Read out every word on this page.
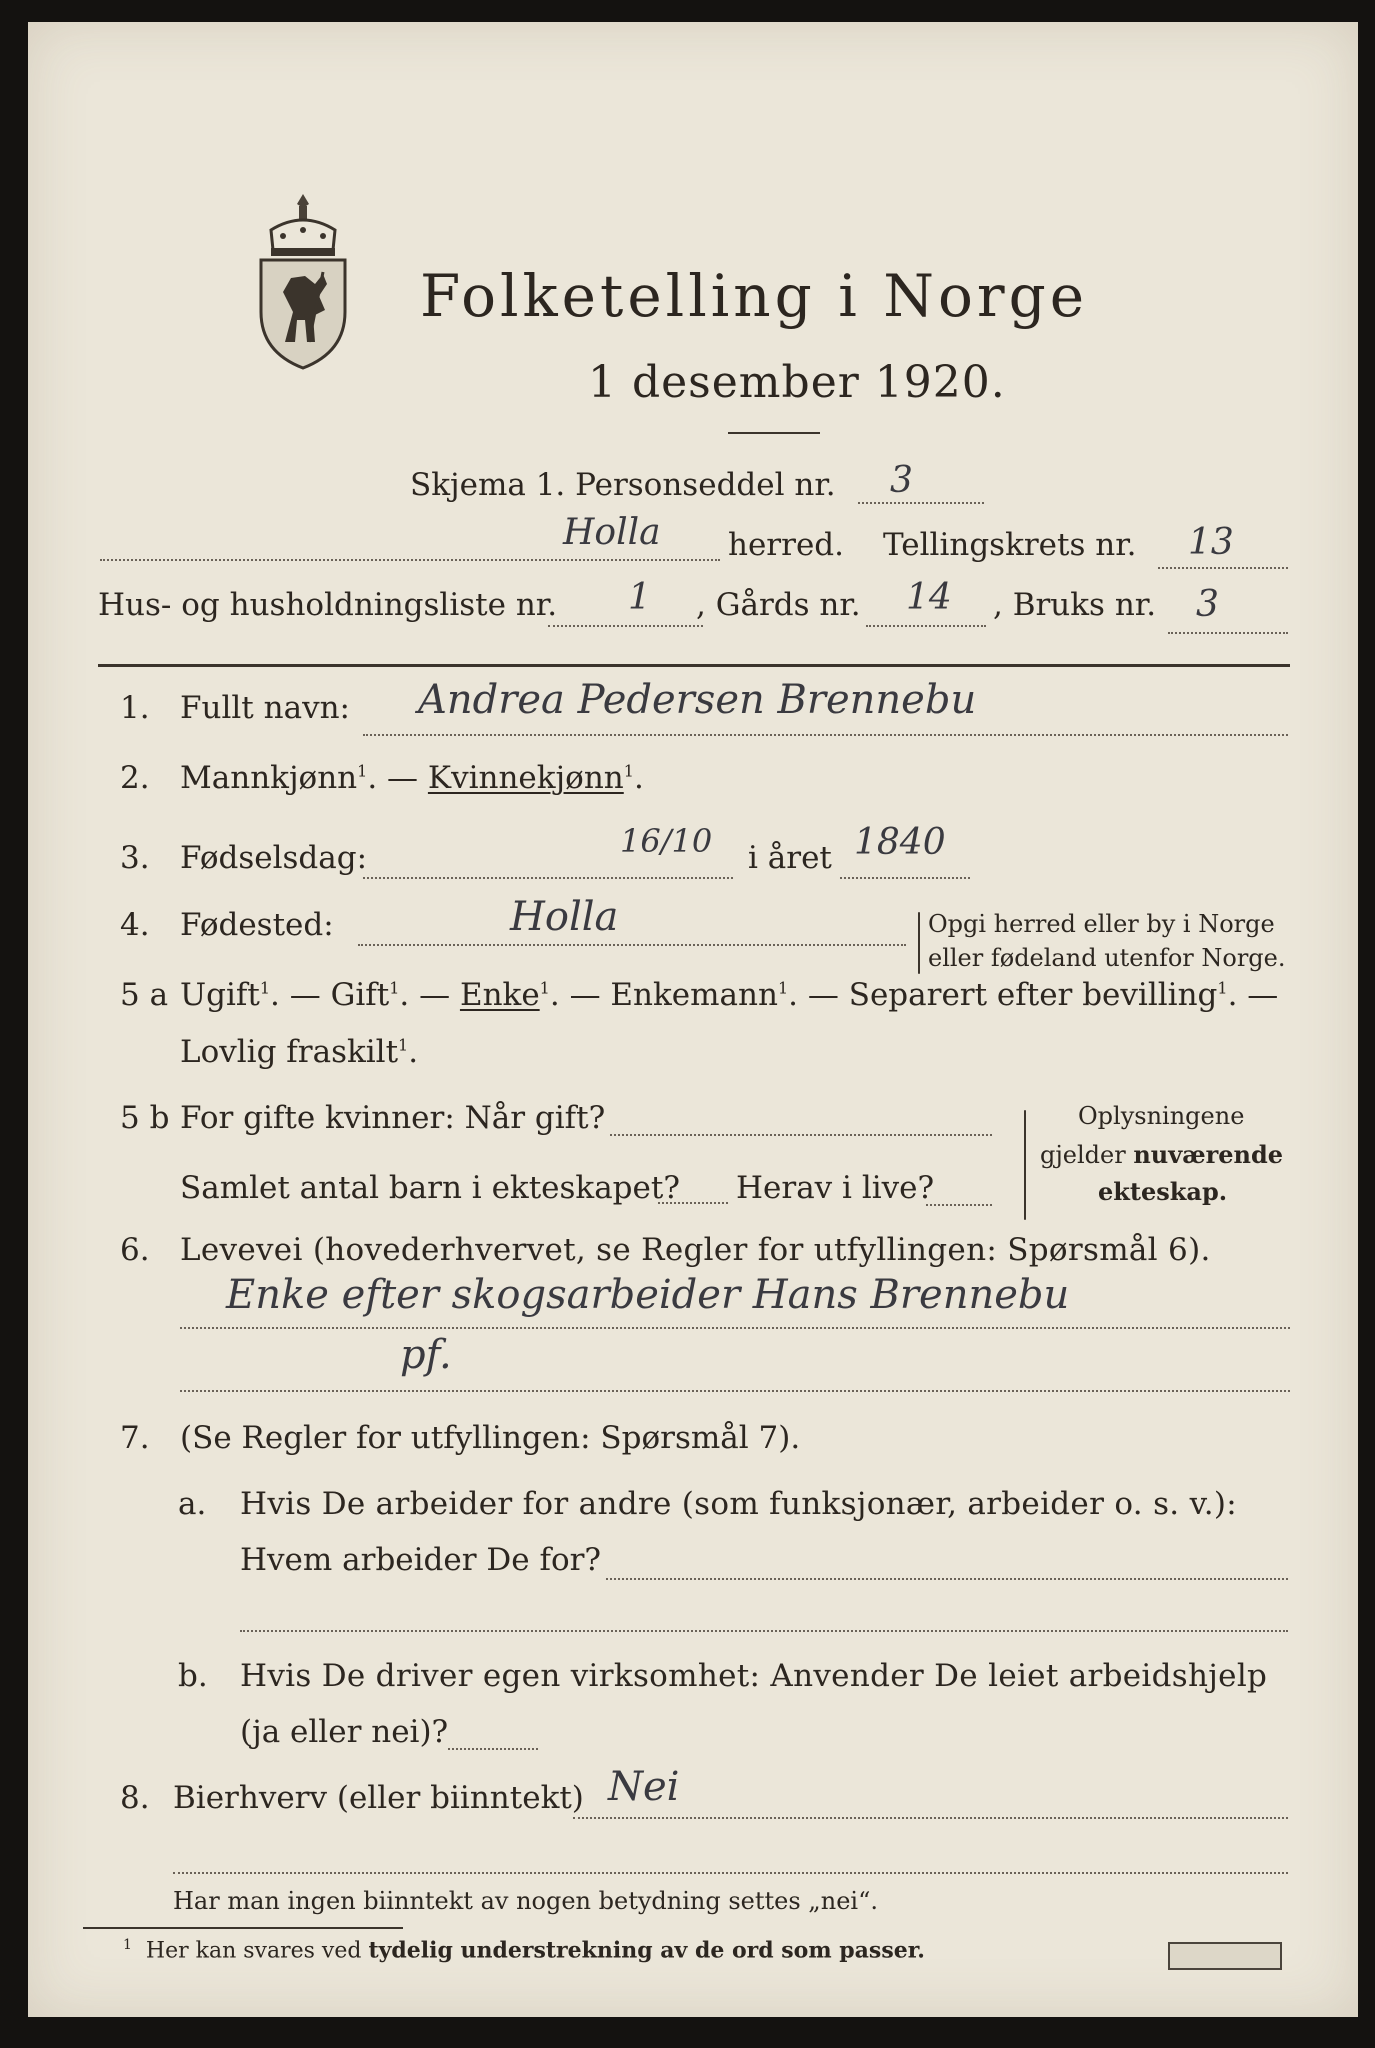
Folketelling i Norge
1 desember 1920.
Skjema 1. Personseddel nr. 3
Holla herred. Tellingskrets nr. 13
Hus- og husholdningsliste nr. 1 , Gårds nr. 14 , Bruks nr. 3
1. Fullt navn: Andrea Pedersen Brennebu
2. Mannkjønn$^1$. — Kvinnekjønn$^1$.
3. Fødselsdag:	16/10 i året 1840
4. Fødested:	Holla	Opgi herred eller by i Norge
eller fødeland utenfor Norge.
5 a Ugift$^1$. — Gift$^1$. — Enke$^1$. — Enkemann$^1$. — Separert efter bevilling$^1$. —
Lovlig fraskilt$^1$.
5 b For gifte kvinner: Når gift?
Samlet antal barn i ekteskapet? Herav i live?
Oplysningene
gjelder nuværende
ekteskap.
6. Levevei (hovederhvervet, se Regler for utfyllingen: Spørsmål 6).
Enke efter skogsarbeider Hans Brennebu
pf.
7. (Se Regler for utfyllingen: Spørsmål 7).
a. Hvis De arbeider for andre (som funksjonær, arbeider o. s. v.):
Hvem arbeider De for?
b. Hvis De driver egen virksomhet: Anvender De leiet arbeidshjelp
(ja eller nei)?
8. Bierhverv (eller biinntekt) Nei
Har man ingen biinntekt av nogen betydning settes „nei“.
$^1$ Her kan svares ved tydelig understrekning av de ord som passer.
